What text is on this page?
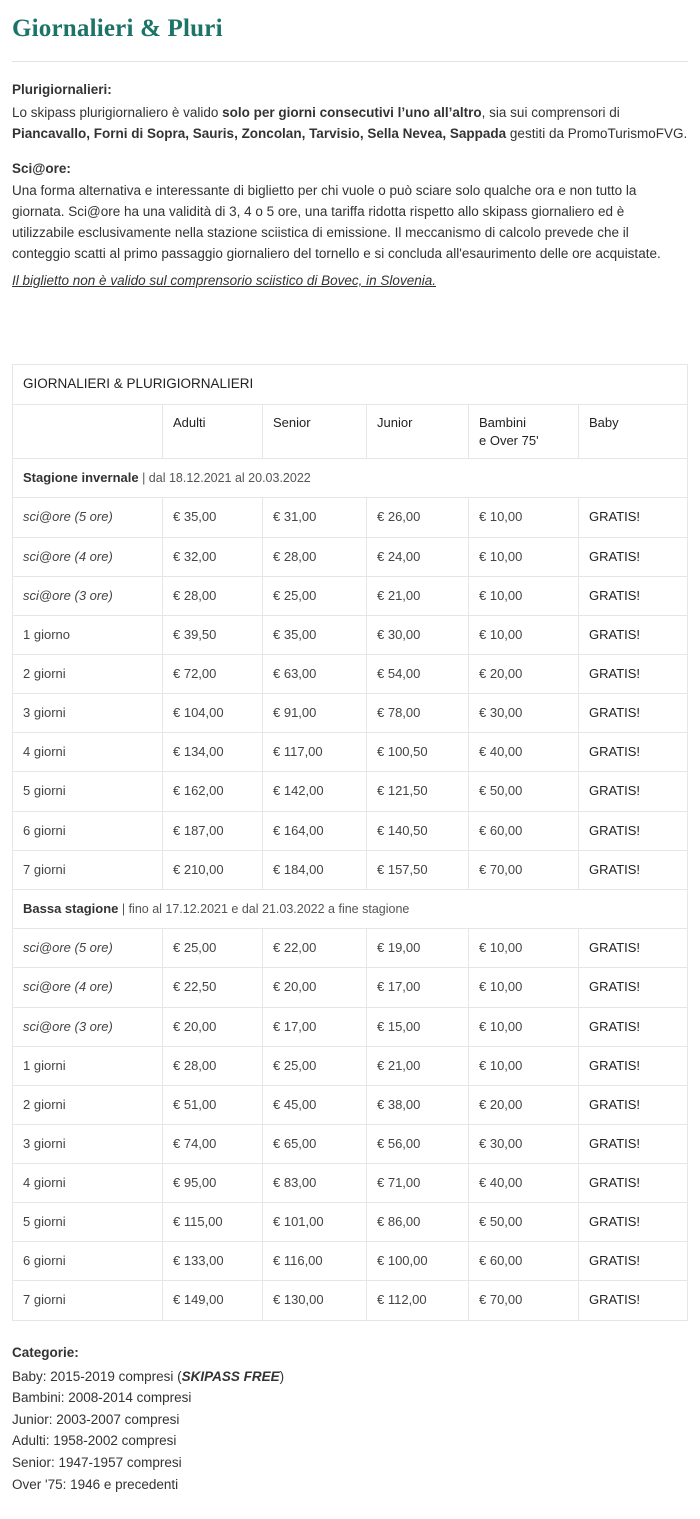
Giornalieri & Pluri

Plurigiornalieri:

Lo skipass plurigiornaliero è valido solo per giorni consecutivi l’uno all’altro, sia sui comprensori di Piancavallo, Forni di Sopra, Sauris, Zoncolan, Tarvisio, Sella Nevea, Sappada gestiti da PromoTurismoFVG.

Sci@ore:

Una forma alternativa e interessante di biglietto per chi vuole o può sciare solo qualche ora e non tutto la giornata. Sci@ore ha una validità di 3, 4 o 5 ore, una tariffa ridotta rispetto allo skipass giornaliero ed è utilizzabile esclusivamente nella stazione sciistica di emissione. Il meccanismo di calcolo prevede che il conteggio scatti al primo passaggio giornaliero del tornello e si concluda all'esaurimento delle ore acquistate.

Il biglietto non è valido sul comprensorio sciistico di Bovec, in Slovenia.
GIORNALIERI & PLURIGIORNALIERI					
	Adulti	Senior	Junior	Bambini
e Over 75'	Baby
Stagione invernale | dal 18.12.2021 al 20.03.2022					
sci@ore (5 ore)	€ 35,00	€ 31,00	€ 26,00	€ 10,00	GRATIS!
sci@ore (4 ore)	€ 32,00	€ 28,00	€ 24,00	€ 10,00	GRATIS!
sci@ore (3 ore)	€ 28,00	€ 25,00	€ 21,00	€ 10,00	GRATIS!
1 giorno	€ 39,50	€ 35,00	€ 30,00	€ 10,00	GRATIS!
2 giorni	€ 72,00	€ 63,00	€ 54,00	€ 20,00	GRATIS!
3 giorni	€ 104,00	€ 91,00	€ 78,00	€ 30,00	GRATIS!
4 giorni	€ 134,00	€ 117,00	€ 100,50	€ 40,00	GRATIS!
5 giorni	€ 162,00	€ 142,00	€ 121,50	€ 50,00	GRATIS!
6 giorni	€ 187,00	€ 164,00	€ 140,50	€ 60,00	GRATIS!
7 giorni	€ 210,00	€ 184,00	€ 157,50	€ 70,00	GRATIS!
Bassa stagione | fino al 17.12.2021 e dal 21.03.2022 a fine stagione					
sci@ore (5 ore)	€ 25,00	€ 22,00	€ 19,00	€ 10,00	GRATIS!
sci@ore (4 ore)	€ 22,50	€ 20,00	€ 17,00	€ 10,00	GRATIS!
sci@ore (3 ore)	€ 20,00	€ 17,00	€ 15,00	€ 10,00	GRATIS!
1 giorni	€ 28,00	€ 25,00	€ 21,00	€ 10,00	GRATIS!
2 giorni	€ 51,00	€ 45,00	€ 38,00	€ 20,00	GRATIS!
3 giorni	€ 74,00	€ 65,00	€ 56,00	€ 30,00	GRATIS!
4 giorni	€ 95,00	€ 83,00	€ 71,00	€ 40,00	GRATIS!
5 giorni	€ 115,00	€ 101,00	€ 86,00	€ 50,00	GRATIS!
6 giorni	€ 133,00	€ 116,00	€ 100,00	€ 60,00	GRATIS!
7 giorni	€ 149,00	€ 130,00	€ 112,00	€ 70,00	GRATIS!
Categorie:
Baby: 2015-2019 compresi (SKIPASS FREE)
Bambini: 2008-2014 compresi
Junior: 2003-2007 compresi
Adulti: 1958-2002 compresi
Senior: 1947-1957 compresi
Over '75: 1946 e precedenti
